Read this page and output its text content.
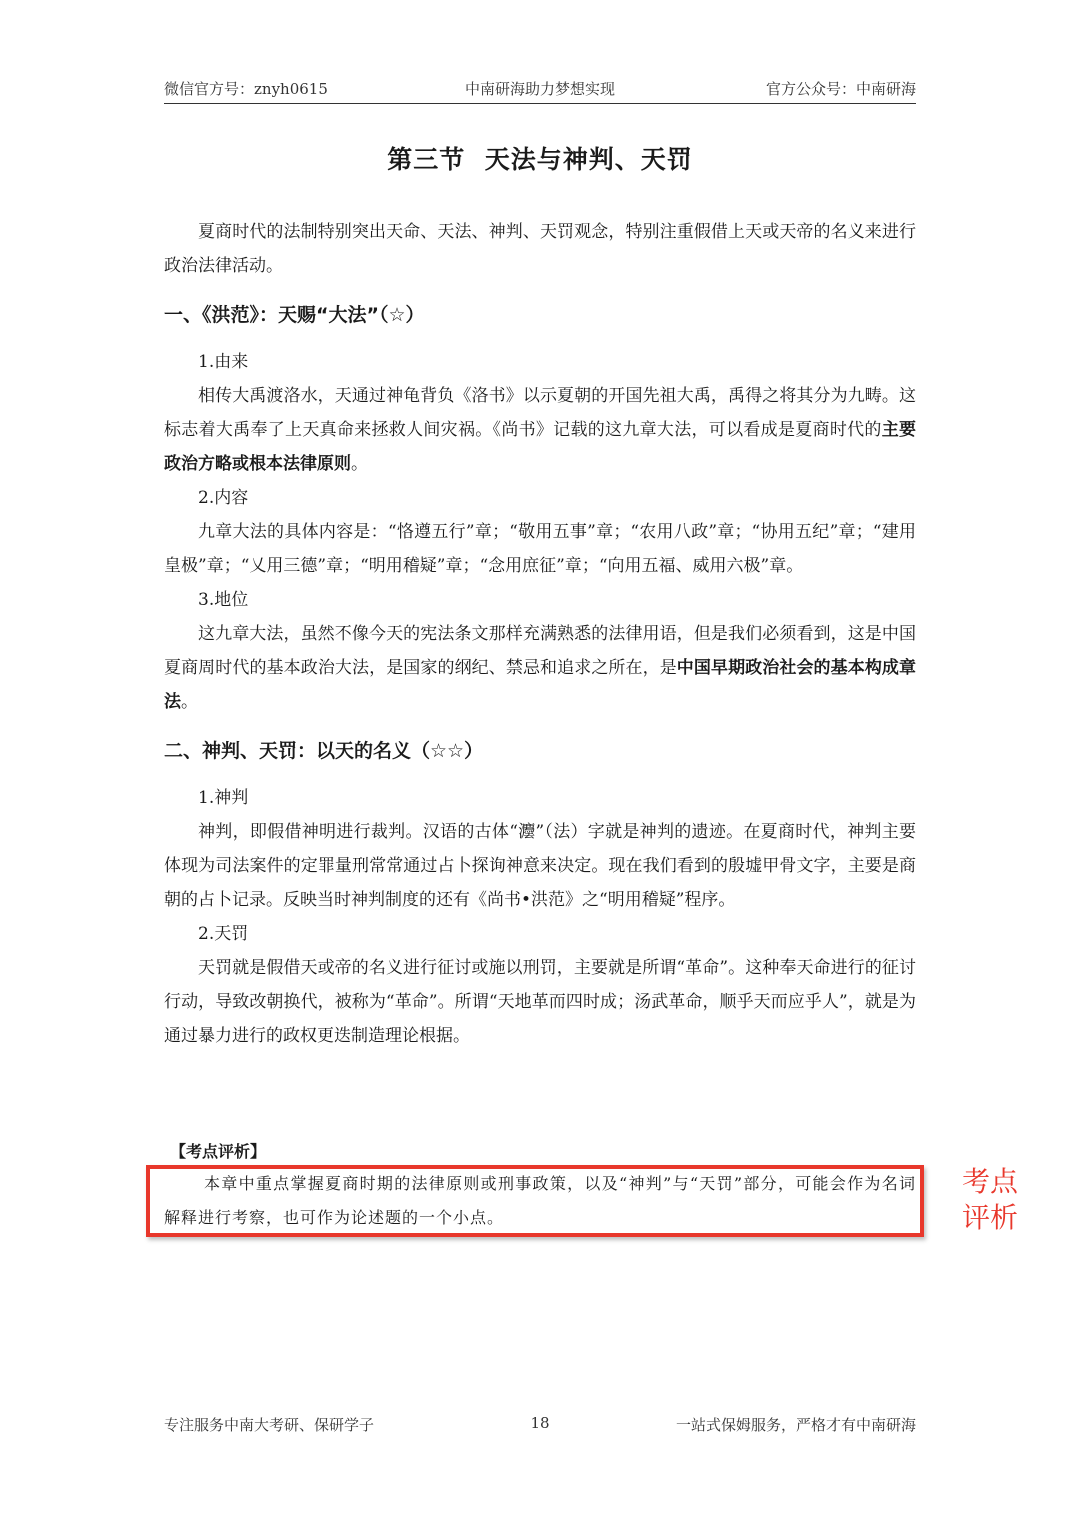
微信官方号：znyh0615	中南研海助力梦想实现	官方公众号：中南研海
第三节  天法与神判、天罚

夏商时代的法制特别突出天命、天法、神判、天罚观念，特别注重假借上天或天帝的名义来进行政治法律活动。

一、《洪范》：天赐“大法”（☆）

1.由来

相传大禹渡洛水，天通过神龟背负《洛书》以示夏朝的开国先祖大禹，禹得之将其分为九畴。这标志着大禹奉了上天真命来拯救人间灾祸。《尚书》记载的这九章大法，可以看成是夏商时代的主要政治方略或根本法律原则。

2.内容

九章大法的具体内容是：“恪遵五行”章；“敬用五事”章；“农用八政”章；“协用五纪”章；“建用皇极”章；“乂用三德”章；“明用稽疑”章；“念用庶征”章；“向用五福、威用六极”章。

3.地位

这九章大法，虽然不像今天的宪法条文那样充满熟悉的法律用语，但是我们必须看到，这是中国夏商周时代的基本政治大法，是国家的纲纪、禁忌和追求之所在，是中国早期政治社会的基本构成章法。

二、神判、天罚：以天的名义（☆☆）

1.神判

神判，即假借神明进行裁判。汉语的古体“灋”（法）字就是神判的遗迹。在夏商时代，神判主要体现为司法案件的定罪量刑常常通过占卜探询神意来决定。现在我们看到的殷墟甲骨文字，主要是商朝的占卜记录。反映当时神判制度的还有《尚书•洪范》之“明用稽疑”程序。

2.天罚

天罚就是假借天或帝的名义进行征讨或施以刑罚，主要就是所谓“革命”。这种奉天命进行的征讨行动，导致改朝换代，被称为“革命”。所谓“天地革而四时成；汤武革命，顺乎天而应乎人”，就是为通过暴力进行的政权更迭制造理论根据。

【考点评析】
本章中重点掌握夏商时期的法律原则或刑事政策，以及“神判”与“天罚”部分，可能会作为名词解释进行考察，也可作为论述题的一个小点。
考点
评析
专注服务中南大考研、保研学子	18	一站式保姆服务，严格才有中南研海
